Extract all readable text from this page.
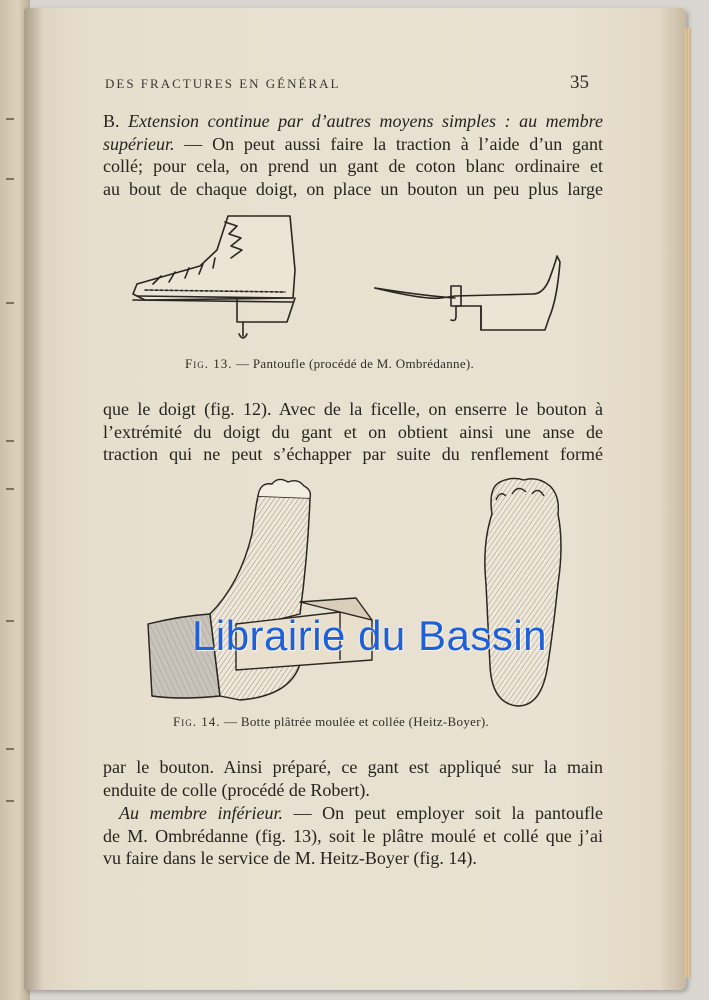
DES FRACTURES EN GÉNÉRAL	35

B. Extension continue par d’autres moyens simples : au membre
supérieur. — On peut aussi faire la traction à l’aide d’un gant
collé; pour cela, on prend un gant de coton blanc ordinaire et
au bout de chaque doigt, on place un bouton un peu plus large

Fig. 13. — Pantoufle (procédé de M. Ombrédanne).

que le doigt (fig. 12). Avec de la ficelle, on enserre le bouton à
l’extrémité du doigt du gant et on obtient ainsi une anse de
traction qui ne peut s’échapper par suite du renflement formé

Fig. 14. — Botte plâtrée moulée et collée (Heitz-Boyer).
Librairie du Bassin

par le bouton. Ainsi préparé, ce gant est appliqué sur la main
enduite de colle (procédé de Robert).

Au membre inférieur. — On peut employer soit la pantoufle
de M. Ombrédanne (fig. 13), soit le plâtre moulé et collé que j’ai
vu faire dans le service de M. Heitz-Boyer (fig. 14).
